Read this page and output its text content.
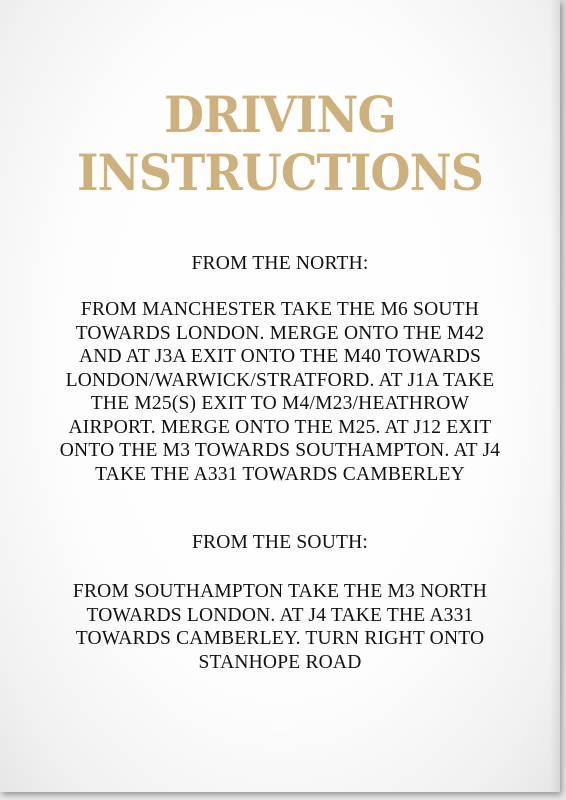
DRIVING
INSTRUCTIONS
FROM THE NORTH:
FROM MANCHESTER TAKE THE M6 SOUTH
TOWARDS LONDON. MERGE ONTO THE M42
AND AT J3A EXIT ONTO THE M40 TOWARDS
LONDON/WARWICK/STRATFORD. AT J1A TAKE
THE M25(S) EXIT TO M4/M23/HEATHROW
AIRPORT. MERGE ONTO THE M25. AT J12 EXIT
ONTO THE M3 TOWARDS SOUTHAMPTON. AT J4
TAKE THE A331 TOWARDS CAMBERLEY
FROM THE SOUTH:
FROM SOUTHAMPTON TAKE THE M3 NORTH
TOWARDS LONDON. AT J4 TAKE THE A331
TOWARDS CAMBERLEY. TURN RIGHT ONTO
STANHOPE ROAD
